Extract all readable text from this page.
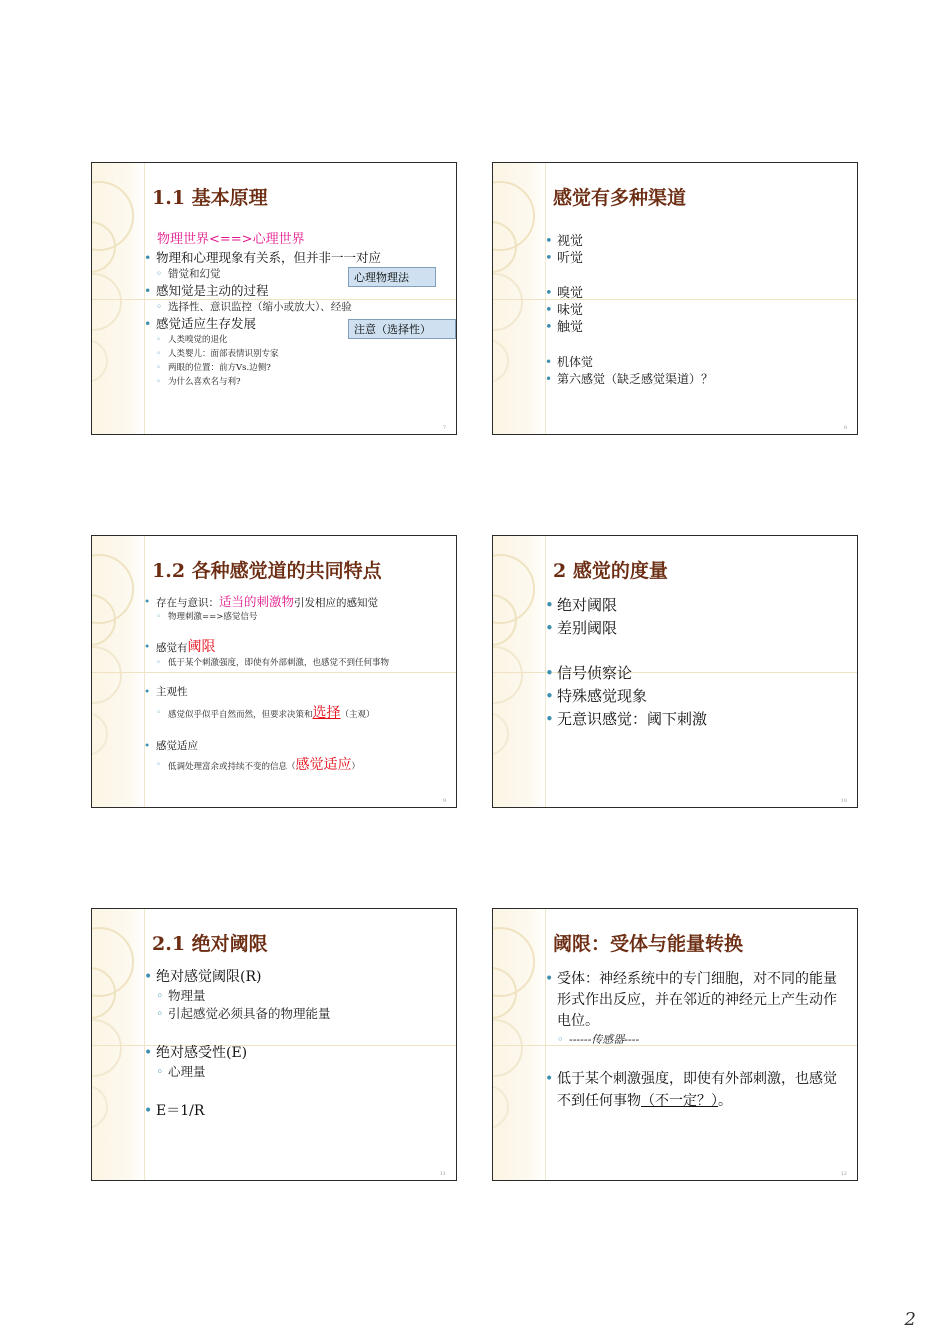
1.1 基本原理
物理世界<==>心理世界
• 物理和心理现象有关系，但并非一一对应
◦ 错觉和幻觉
• 感知觉是主动的过程
◦ 选择性、意识监控（缩小或放大）、经验
• 感觉适应生存发展
◦ 人类嗅觉的退化
◦ 人类婴儿：面部表情识别专家
◦ 两眼的位置：前方Vs.边侧?
◦ 为什么喜欢名与利?
心理物理法
注意（选择性）
7
感觉有多种渠道
• 视觉
• 听觉
• 嗅觉
• 味觉
• 触觉
• 机体觉
• 第六感觉（缺乏感觉渠道）？
8
1.2 各种感觉道的共同特点
• 存在与意识：适当的刺激物引发相应的感知觉
◦ 物理刺激==>感觉信号
• 感觉有阈限
◦ 低于某个刺激强度，即使有外部刺激，也感觉不到任何事物
• 主观性
◦ 感觉似乎似乎自然而然，但要求决策和选择（主观）
• 感觉适应
◦ 低调处理富余或持续不变的信息（感觉适应）
9
2 感觉的度量
• 绝对阈限
• 差别阈限
• 信号侦察论
• 特殊感觉现象
• 无意识感觉：阈下刺激
10
2.1 绝对阈限
• 绝对感觉阈限(R)
◦ 物理量
◦ 引起感觉必须具备的物理能量
• 绝对感受性(E)
◦ 心理量
• E＝1/R
11
阈限：受体与能量转换
• 受体：神经系统中的专门细胞，对不同的能量形式作出反应，并在邻近的神经元上产生动作电位。
◦ ------传感器----
• 低于某个刺激强度，即使有外部刺激，也感觉不到任何事物（不一定？）。
12
2
